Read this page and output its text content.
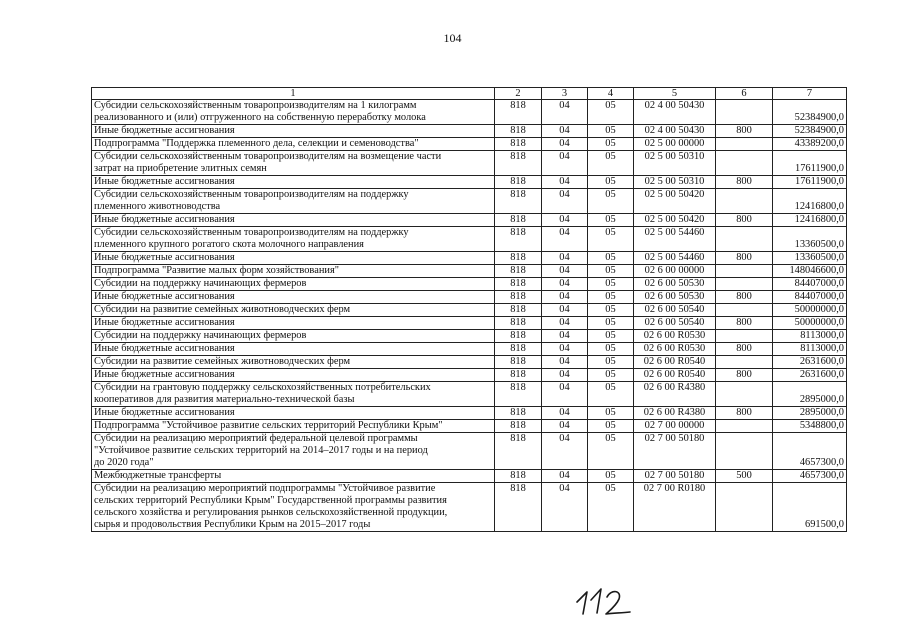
104
1	2	3	4	5	6	7
Субсидии сельскохозяйственным товаропроизводителям на 1 килограмм
реализованного и (или) отгруженного на собственную переработку молока	818	04	05	02 4 00 50430		52384900,0
Иные бюджетные ассигнования	818	04	05	02 4 00 50430	800	52384900,0
Подпрограмма "Поддержка племенного дела, селекции и семеноводства"	818	04	05	02 5 00 00000		43389200,0
Субсидии сельскохозяйственным товаропроизводителям на возмещение части
затрат на приобретение элитных семян	818	04	05	02 5 00 50310		17611900,0
Иные бюджетные ассигнования	818	04	05	02 5 00 50310	800	17611900,0
Субсидии сельскохозяйственным товаропроизводителям на поддержку
племенного животноводства	818	04	05	02 5 00 50420		12416800,0
Иные бюджетные ассигнования	818	04	05	02 5 00 50420	800	12416800,0
Субсидии сельскохозяйственным товаропроизводителям на поддержку
племенного крупного рогатого скота молочного направления	818	04	05	02 5 00 54460		13360500,0
Иные бюджетные ассигнования	818	04	05	02 5 00 54460	800	13360500,0
Подпрограмма "Развитие малых форм хозяйствования"	818	04	05	02 6 00 00000		148046600,0
Субсидии на поддержку начинающих фермеров	818	04	05	02 6 00 50530		84407000,0
Иные бюджетные ассигнования	818	04	05	02 6 00 50530	800	84407000,0
Субсидии на развитие семейных животноводческих ферм	818	04	05	02 6 00 50540		50000000,0
Иные бюджетные ассигнования	818	04	05	02 6 00 50540	800	50000000,0
Субсидии на поддержку начинающих фермеров	818	04	05	02 6 00 R0530		8113000,0
Иные бюджетные ассигнования	818	04	05	02 6 00 R0530	800	8113000,0
Субсидии на развитие семейных животноводческих ферм	818	04	05	02 6 00 R0540		2631600,0
Иные бюджетные ассигнования	818	04	05	02 6 00 R0540	800	2631600,0
Субсидии на грантовую поддержку сельскохозяйственных потребительских
кооперативов для развития материально-технической базы	818	04	05	02 6 00 R4380		2895000,0
Иные бюджетные ассигнования	818	04	05	02 6 00 R4380	800	2895000,0
Подпрограмма "Устойчивое развитие сельских территорий Республики Крым"	818	04	05	02 7 00 00000		5348800,0
Субсидии на реализацию мероприятий федеральной целевой программы
"Устойчивое развитие сельских территорий на 2014–2017 годы и на период
до 2020 года"	818	04	05	02 7 00 50180		4657300,0
Межбюджетные трансферты	818	04	05	02 7 00 50180	500	4657300,0
Субсидии на реализацию мероприятий подпрограммы "Устойчивое развитие
сельских территорий Республики Крым" Государственной программы развития
сельского хозяйства и регулирования рынков сельскохозяйственной продукции,
сырья и продовольствия Республики Крым на 2015–2017 годы	818	04	05	02 7 00 R0180		691500,0
